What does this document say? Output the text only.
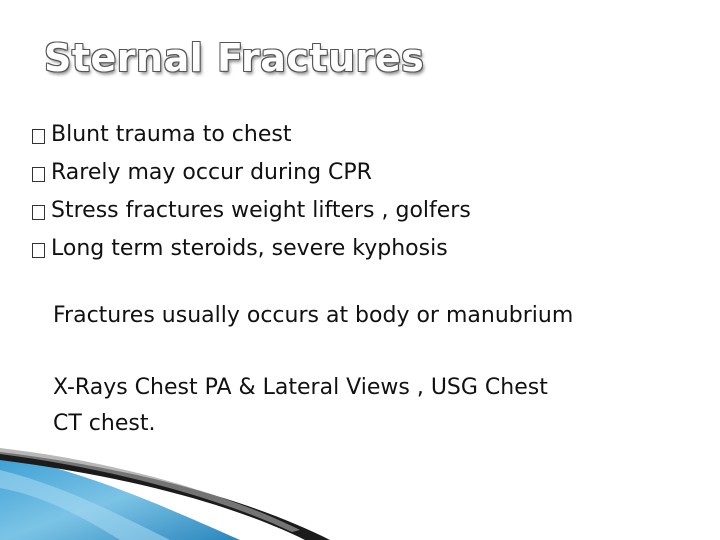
Sternal Fractures
Blunt trauma to chest
Rarely may occur during CPR
Stress fractures weight lifters , golfers
Long term steroids, severe kyphosis

Fractures usually occurs at body or manubrium

X-Rays Chest PA & Lateral Views , USG Chest
CT chest.
